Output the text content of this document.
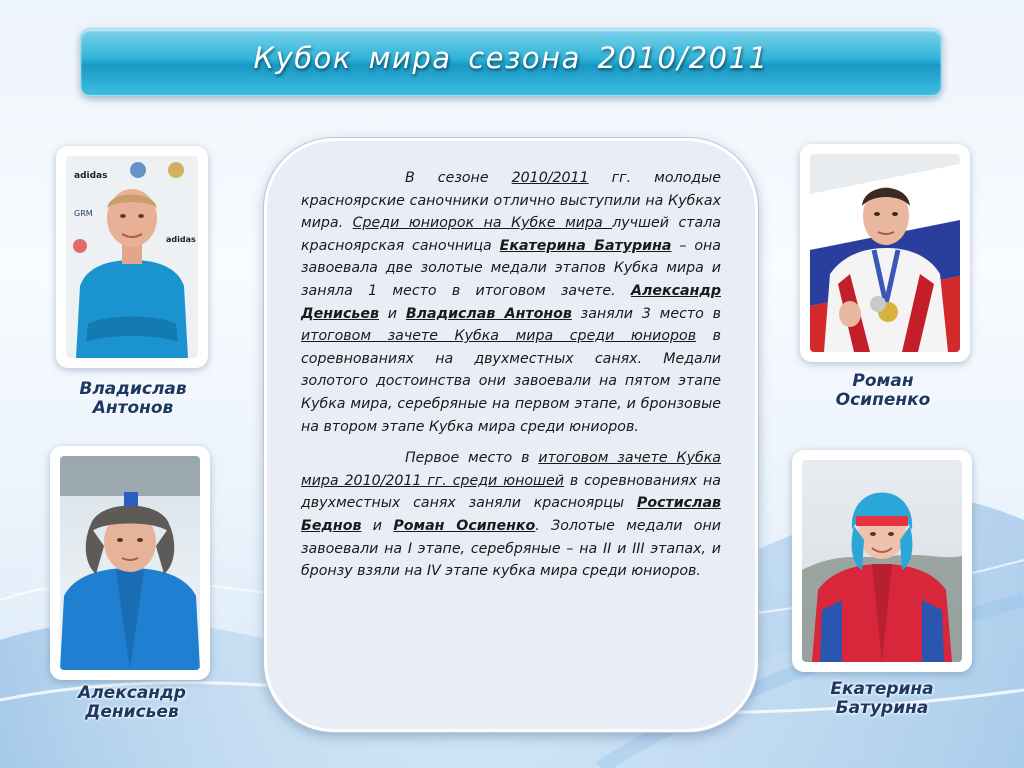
Кубок мира сезона 2010/2011
adidas
GRM
adidas
Владислав
Антонов
Александр
Денисьев

В сезоне 2010/2011 гг. молодые красноярские саночники отлично выступили на Кубках мира. Среди юниорок на Кубке мира лучшей стала красноярская саночница Екатерина Батурина – она завоевала две золотые медали этапов Кубка мира и заняла 1 место в итоговом зачете. Александр Денисьев и Владислав Антонов заняли 3 место в итоговом зачете Кубка мира среди юниоров в соревнованиях на двухместных санях. Медали золотого достоинства они завоевали на пятом этапе Кубка мира, серебряные на первом этапе, и бронзовые на втором этапе Кубка мира среди юниоров.

Первое место в итоговом зачете Кубка мира 2010/2011 гг. среди юношей в соревнованиях на двухместных санях заняли красноярцы Ростислав Беднов и Роман Осипенко. Золотые медали они завоевали на I этапе, серебряные – на II и III этапах, и бронзу взяли на IV этапе кубка мира среди юниоров.

Роман
Осипенко
Екатерина
Батурина
